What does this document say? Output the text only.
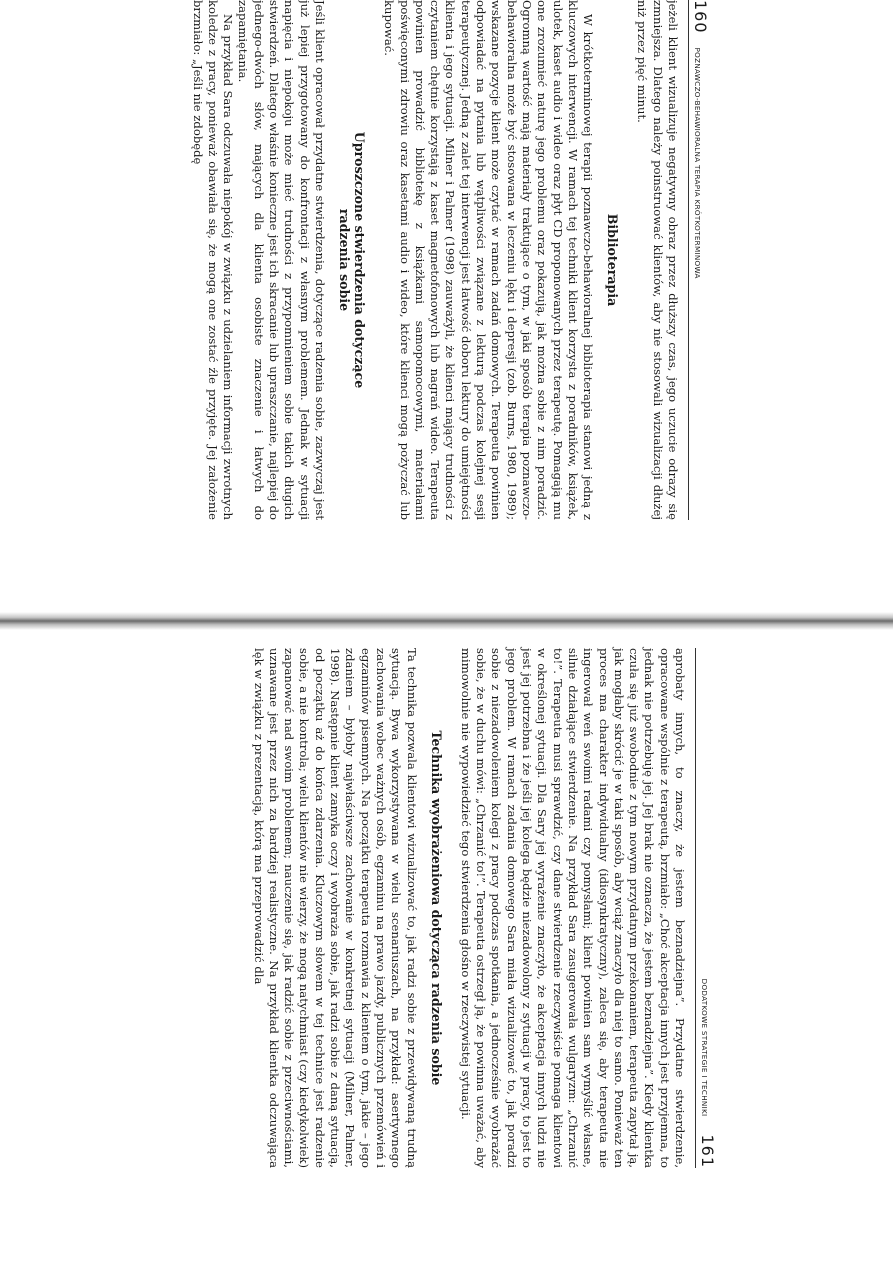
160
POZNAWCZO-BEHAWIORALNA TERAPIA KRÓTKOTERMINOWA

jeżeli klient wizualizuje negatywny obraz przez dłuższy czas, jego uczucie odrazy się zmniejsza. Dlatego należy poinstruować klientów, aby nie stosowali wizualizacji dłużej niż przez pięć minut.

Biblioterapia

W krótkoterminowej terapii poznawczo-behawioralnej biblioterapia stanowi jedną z kluczowych interwencji. W ramach tej techniki klient korzysta z poradników, książek, ulotek, kaset audio i wideo oraz płyt CD proponowanych przez terapeutę. Pomagają mu one zrozumieć naturę jego problemu oraz pokazują, jak można sobie z nim poradzić. Ogromną wartość mają materiały traktujące o tym, w jaki sposób terapia poznawczo-behawioralna może być stosowana w leczeniu lęku i depresji (zob. Burns, 1980, 1989); wskazane pozycje klient może czytać w ramach zadań domowych. Terapeuta powinien odpowiadać na pytania lub wątpliwości związane z lekturą podczas kolejnej sesji terapeutycznej. Jedną z zalet tej interwencji jest łatwość doboru lektury do umiejętności klienta i jego sytuacji. Milner i Palmer (1998) zauważyli, że klienci mający trudności z czytaniem chętnie korzystają z kaset magnetofonowych lub nagrań wideo. Terapeuta powinien prowadzić bibliotekę z książkami samopomocowymi, materiałami poświęconymi zdrowiu oraz kasetami audio i wideo, które klienci mogą pożyczać lub kupować.

Uproszczone stwierdzenia dotyczące
radzenia sobie

Jeśli klient opracował przydatne stwierdzenia, dotyczące radzenia sobie, zazwyczaj jest już lepiej przygotowany do konfrontacji z własnym problemem. Jednak w sytuacji napięcia i niepokoju może mieć trudności z przypomnieniem sobie takich długich stwierdzeń. Dlatego właśnie konieczne jest ich skracanie lub upraszczanie, najlepiej do jednego-dwóch słów, mających dla klienta osobiste znaczenie i łatwych do zapamiętania.

Na przykład Sara odczuwała niepokój w związku z udzielaniem informacji zwrotnych koledze z pracy, ponieważ obawiała się, że mogą one zostać źle przyjęte. Jej założenie brzmiało: „Jeśli nie zdobędę

DODATKOWE STRATEGIE I TECHNIKI
161

aprobaty innych, to znaczy, że jestem beznadziejna”. Przydatne stwierdzenie, opracowane wspólnie z terapeutą, brzmiało: „Choć akceptacja innych jest przyjemna, to jednak nie potrzebuję jej. Jej brak nie oznacza, że jestem beznadziejna”. Kiedy klientka czuła się już swobodnie z tym nowym przydatnym przekonaniem, terapeuta zapytał ją, jak mogłaby skrócić je w taki sposób, aby wciąż znaczyło dla niej to samo. Ponieważ ten proces ma charakter indywidualny (idiosynkratyczny), zaleca się, aby terapeuta nie ingerował weń swoimi radami czy pomysłami; klient powinien sam wymyślić własne, silnie działające stwierdzenie. Na przykład Sara zasugerowała wulgaryzm: „Chrzanić to!”. Terapeuta musi sprawdzić, czy dane stwierdzenie rzeczywiście pomaga klientowi w określonej sytuacji. Dla Sary jej wyrażenie znaczyło, że akceptacja innych ludzi nie jest jej potrzebna i że jeśli jej kolega będzie niezadowolony z sytuacji w pracy, to jest to jego problem. W ramach zadania domowego Sara miała wizualizować to, jak poradzi sobie z niezadowoleniem kolegi z pracy podczas spotkania, a jednocześnie wyobrażać sobie, że w duchu mówi: „Chrzanić to!”. Terapeuta ostrzegł ją, że powinna uważać, aby mimowolnie nie wypowiedzieć tego stwierdzenia głośno w rzeczywistej sytuacji.

Technika wyobrażeniowa dotycząca radzenia sobie

Ta technika pozwala klientowi wizualizować to, jak radzi sobie z przewidywaną trudną sytuacją. Bywa wykorzystywana w wielu scenariuszach, na przykład: asertywnego zachowania wobec ważnych osób, egzaminu na prawo jazdy, publicznych przemówień i egzaminów pisemnych. Na początku terapeuta rozmawia z klientem o tym, jakie – jego zdaniem – byłoby najwłaściwsze zachowanie w konkretnej sytuacji (Milner, Palmer, 1998). Następnie klient zamyka oczy i wyobraża sobie, jak radzi sobie z daną sytuacją, od początku aż do końca zdarzenia. Kluczowym słowem w tej technice jest radzenie sobie, a nie kontrola; wielu klientów nie wierzy, że mogą natychmiast (czy kiedykolwiek) zapanować nad swoim problemem; nauczenie się, jak radzić sobie z przeciwnościami, uznawane jest przez nich za bardziej realistyczne. Na przykład klientka odczuwająca lęk w związku z prezentacją, którą ma przeprowadzić dla
